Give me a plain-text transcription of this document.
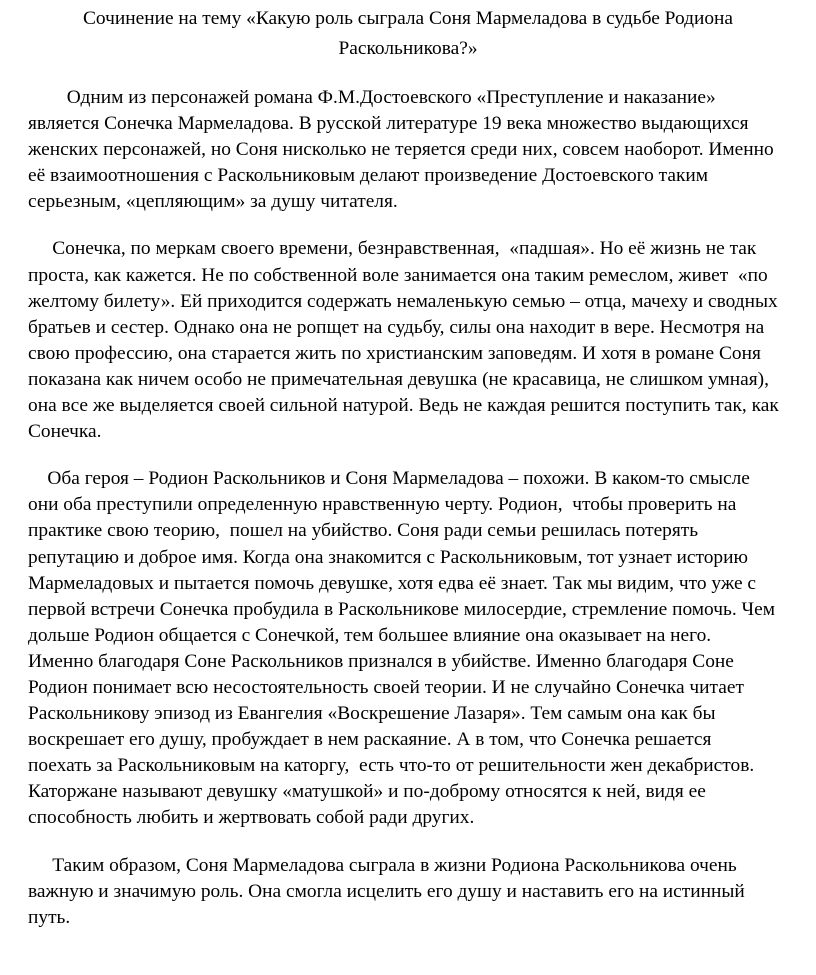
Сочинение на тему «Какую роль сыграла Соня Мармеладова в судьбе Родиона
Раскольникова?»

Одним из персонажей романа Ф.М.Достоевского «Преступление и наказание»
является Сонечка Мармеладова. В русской литературе 19 века множество выдающихся
женских персонажей, но Соня нисколько не теряется среди них, совсем наоборот. Именно
её взаимоотношения с Раскольниковым делают произведение Достоевского таким
серьезным, «цепляющим» за душу читателя.

Сонечка, по меркам своего времени, безнравственная,  «падшая». Но её жизнь не так
проста, как кажется. Не по собственной воле занимается она таким ремеслом, живет  «по
желтому билету». Ей приходится содержать немаленькую семью – отца, мачеху и сводных
братьев и сестер. Однако она не ропщет на судьбу, силы она находит в вере. Несмотря на
свою профессию, она старается жить по христианским заповедям. И хотя в романе Соня
показана как ничем особо не примечательная девушка (не красавица, не слишком умная),
она все же выделяется своей сильной натурой. Ведь не каждая решится поступить так, как
Сонечка.

Оба героя – Родион Раскольников и Соня Мармеладова – похожи. В каком-то смысле
они оба преступили определенную нравственную черту. Родион,  чтобы проверить на
практике свою теорию,  пошел на убийство. Соня ради семьи решилась потерять
репутацию и доброе имя. Когда она знакомится с Раскольниковым, тот узнает историю
Мармеладовых и пытается помочь девушке, хотя едва её знает. Так мы видим, что уже с
первой встречи Сонечка пробудила в Раскольникове милосердие, стремление помочь. Чем
дольше Родион общается с Сонечкой, тем большее влияние она оказывает на него.
Именно благодаря Соне Раскольников признался в убийстве. Именно благодаря Соне
Родион понимает всю несостоятельность своей теории. И не случайно Сонечка читает
Раскольникову эпизод из Евангелия «Воскрешение Лазаря». Тем самым она как бы
воскрешает его душу, пробуждает в нем раскаяние. А в том, что Сонечка решается
поехать за Раскольниковым на каторгу,  есть что-то от решительности жен декабристов.
Каторжане называют девушку «матушкой» и по-доброму относятся к ней, видя ее
способность любить и жертвовать собой ради других.

Таким образом, Соня Мармеладова сыграла в жизни Родиона Раскольникова очень
важную и значимую роль. Она смогла исцелить его душу и наставить его на истинный
путь.
